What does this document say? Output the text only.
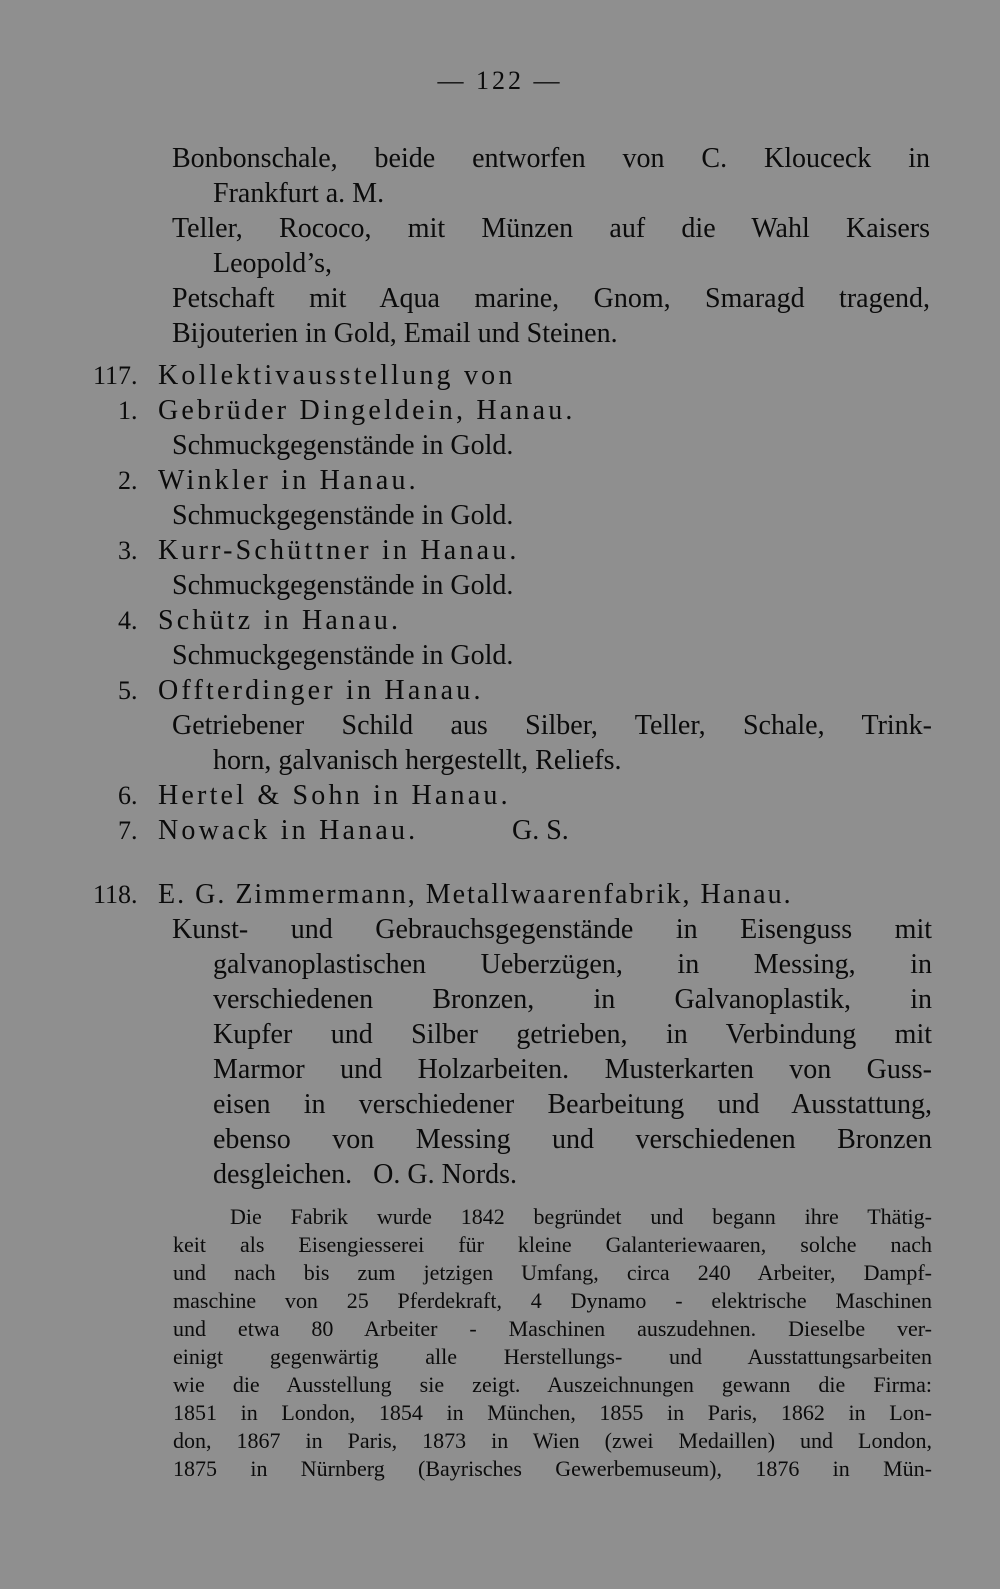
— 122 —
Bonbonschale, beide entworfen von C. Klouceck in
Frankfurt a. M.
Teller, Rococo, mit Münzen auf die Wahl Kaisers
Leopold’s,
Petschaft mit Aqua marine, Gnom, Smaragd tragend,
Bijouterien in Gold, Email und Steinen.
117. Kollektivausstellung von
1. Gebrüder Dingeldein, Hanau.
Schmuckgegenstände in Gold.
2. Winkler in Hanau.
Schmuckgegenstände in Gold.
3. Kurr-Schüttner in Hanau.
Schmuckgegenstände in Gold.
4. Schütz in Hanau.
Schmuckgegenstände in Gold.
5. Offterdinger in Hanau.
Getriebener Schild aus Silber, Teller, Schale, Trink-
horn, galvanisch hergestellt, Reliefs.
6. Hertel & Sohn in Hanau.
7. Nowack in Hanau.	G. S.
118. E. G. Zimmermann, Metallwaarenfabrik, Hanau.
Kunst- und Gebrauchsgegenstände in Eisenguss mit
galvanoplastischen Ueberzügen, in Messing, in
verschiedenen Bronzen, in Galvanoplastik, in
Kupfer und Silber getrieben, in Verbindung mit
Marmor und Holzarbeiten. Musterkarten von Guss-
eisen in verschiedener Bearbeitung und Ausstattung,
ebenso von Messing und verschiedenen Bronzen
desgleichen.   O. G. Nords.
Die Fabrik wurde 1842 begründet und begann ihre Thätig-
keit als Eisengiesserei für kleine Galanteriewaaren, solche nach
und nach bis zum jetzigen Umfang, circa 240 Arbeiter, Dampf-
maschine von 25 Pferdekraft, 4 Dynamo - elektrische Maschinen
und etwa 80 Arbeiter - Maschinen auszudehnen. Dieselbe ver-
einigt gegenwärtig alle Herstellungs- und Ausstattungsarbeiten
wie die Ausstellung sie zeigt. Auszeichnungen gewann die Firma:
1851 in London, 1854 in München, 1855 in Paris, 1862 in Lon-
don, 1867 in Paris, 1873 in Wien (zwei Medaillen) und London,
1875 in Nürnberg (Bayrisches Gewerbemuseum), 1876 in Mün-
